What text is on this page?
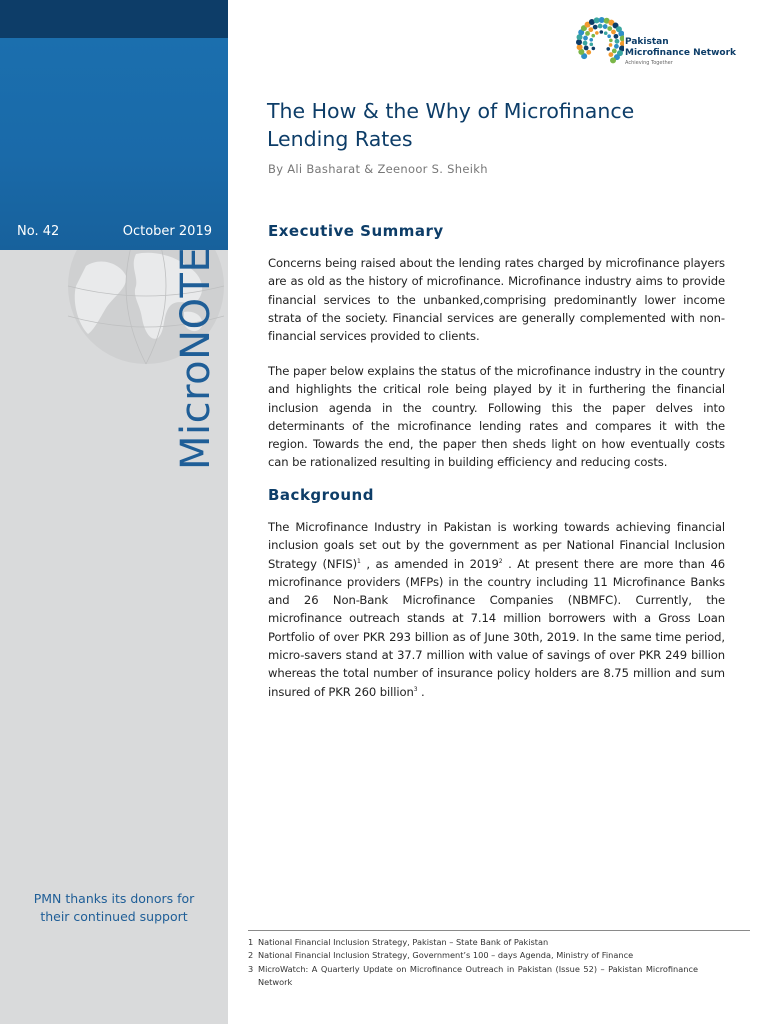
No. 42	October 2019
MicroNOTE
PMN thanks its donors for
their continued support
Pakistan
Microfinance Network
Achieving Together
The How & the Why of Microfinance
Lending Rates
By Ali Basharat & Zeenoor S. Sheikh
Executive Summary
Concerns being raised about the lending rates charged by microfinance players are as old as the history of microfinance. Microfinance industry aims to provide financial services to the unbanked,comprising predominantly lower income strata of the society. Financial services are generally complemented with non-financial services provided to clients.
The paper below explains the status of the microfinance industry in the country and highlights the critical role being played by it in furthering the financial inclusion agenda in the country. Following this the paper delves into determinants of the microfinance lending rates and compares it with the region. Towards the end, the paper then sheds light on how eventually costs can be rationalized resulting in building efficiency and reducing costs.
Background
The Microfinance Industry in Pakistan is working towards achieving financial inclusion goals set out by the government as per National Financial Inclusion Strategy (NFIS)$^1$ , as amended in 2019$^2$ . At present there are more than 46 microfinance providers (MFPs) in the country including 11 Microfinance Banks and 26 Non-Bank Microfinance Companies (NBMFC). Currently, the microfinance outreach stands at 7.14 million borrowers with a Gross Loan Portfolio of over PKR 293 billion as of June 30th, 2019. In the same time period, micro-savers stand at 37.7 million with value of savings of over PKR 249 billion whereas the total number of insurance policy holders are 8.75 million and sum insured of PKR 260 billion$^3$ .
1 National Financial Inclusion Strategy, Pakistan – State Bank of Pakistan
2 National Financial Inclusion Strategy, Government’s 100 – days Agenda, Ministry of Finance
3 MicroWatch: A Quarterly Update on Microfinance Outreach in Pakistan (Issue 52) – Pakistan Microfinance Network
